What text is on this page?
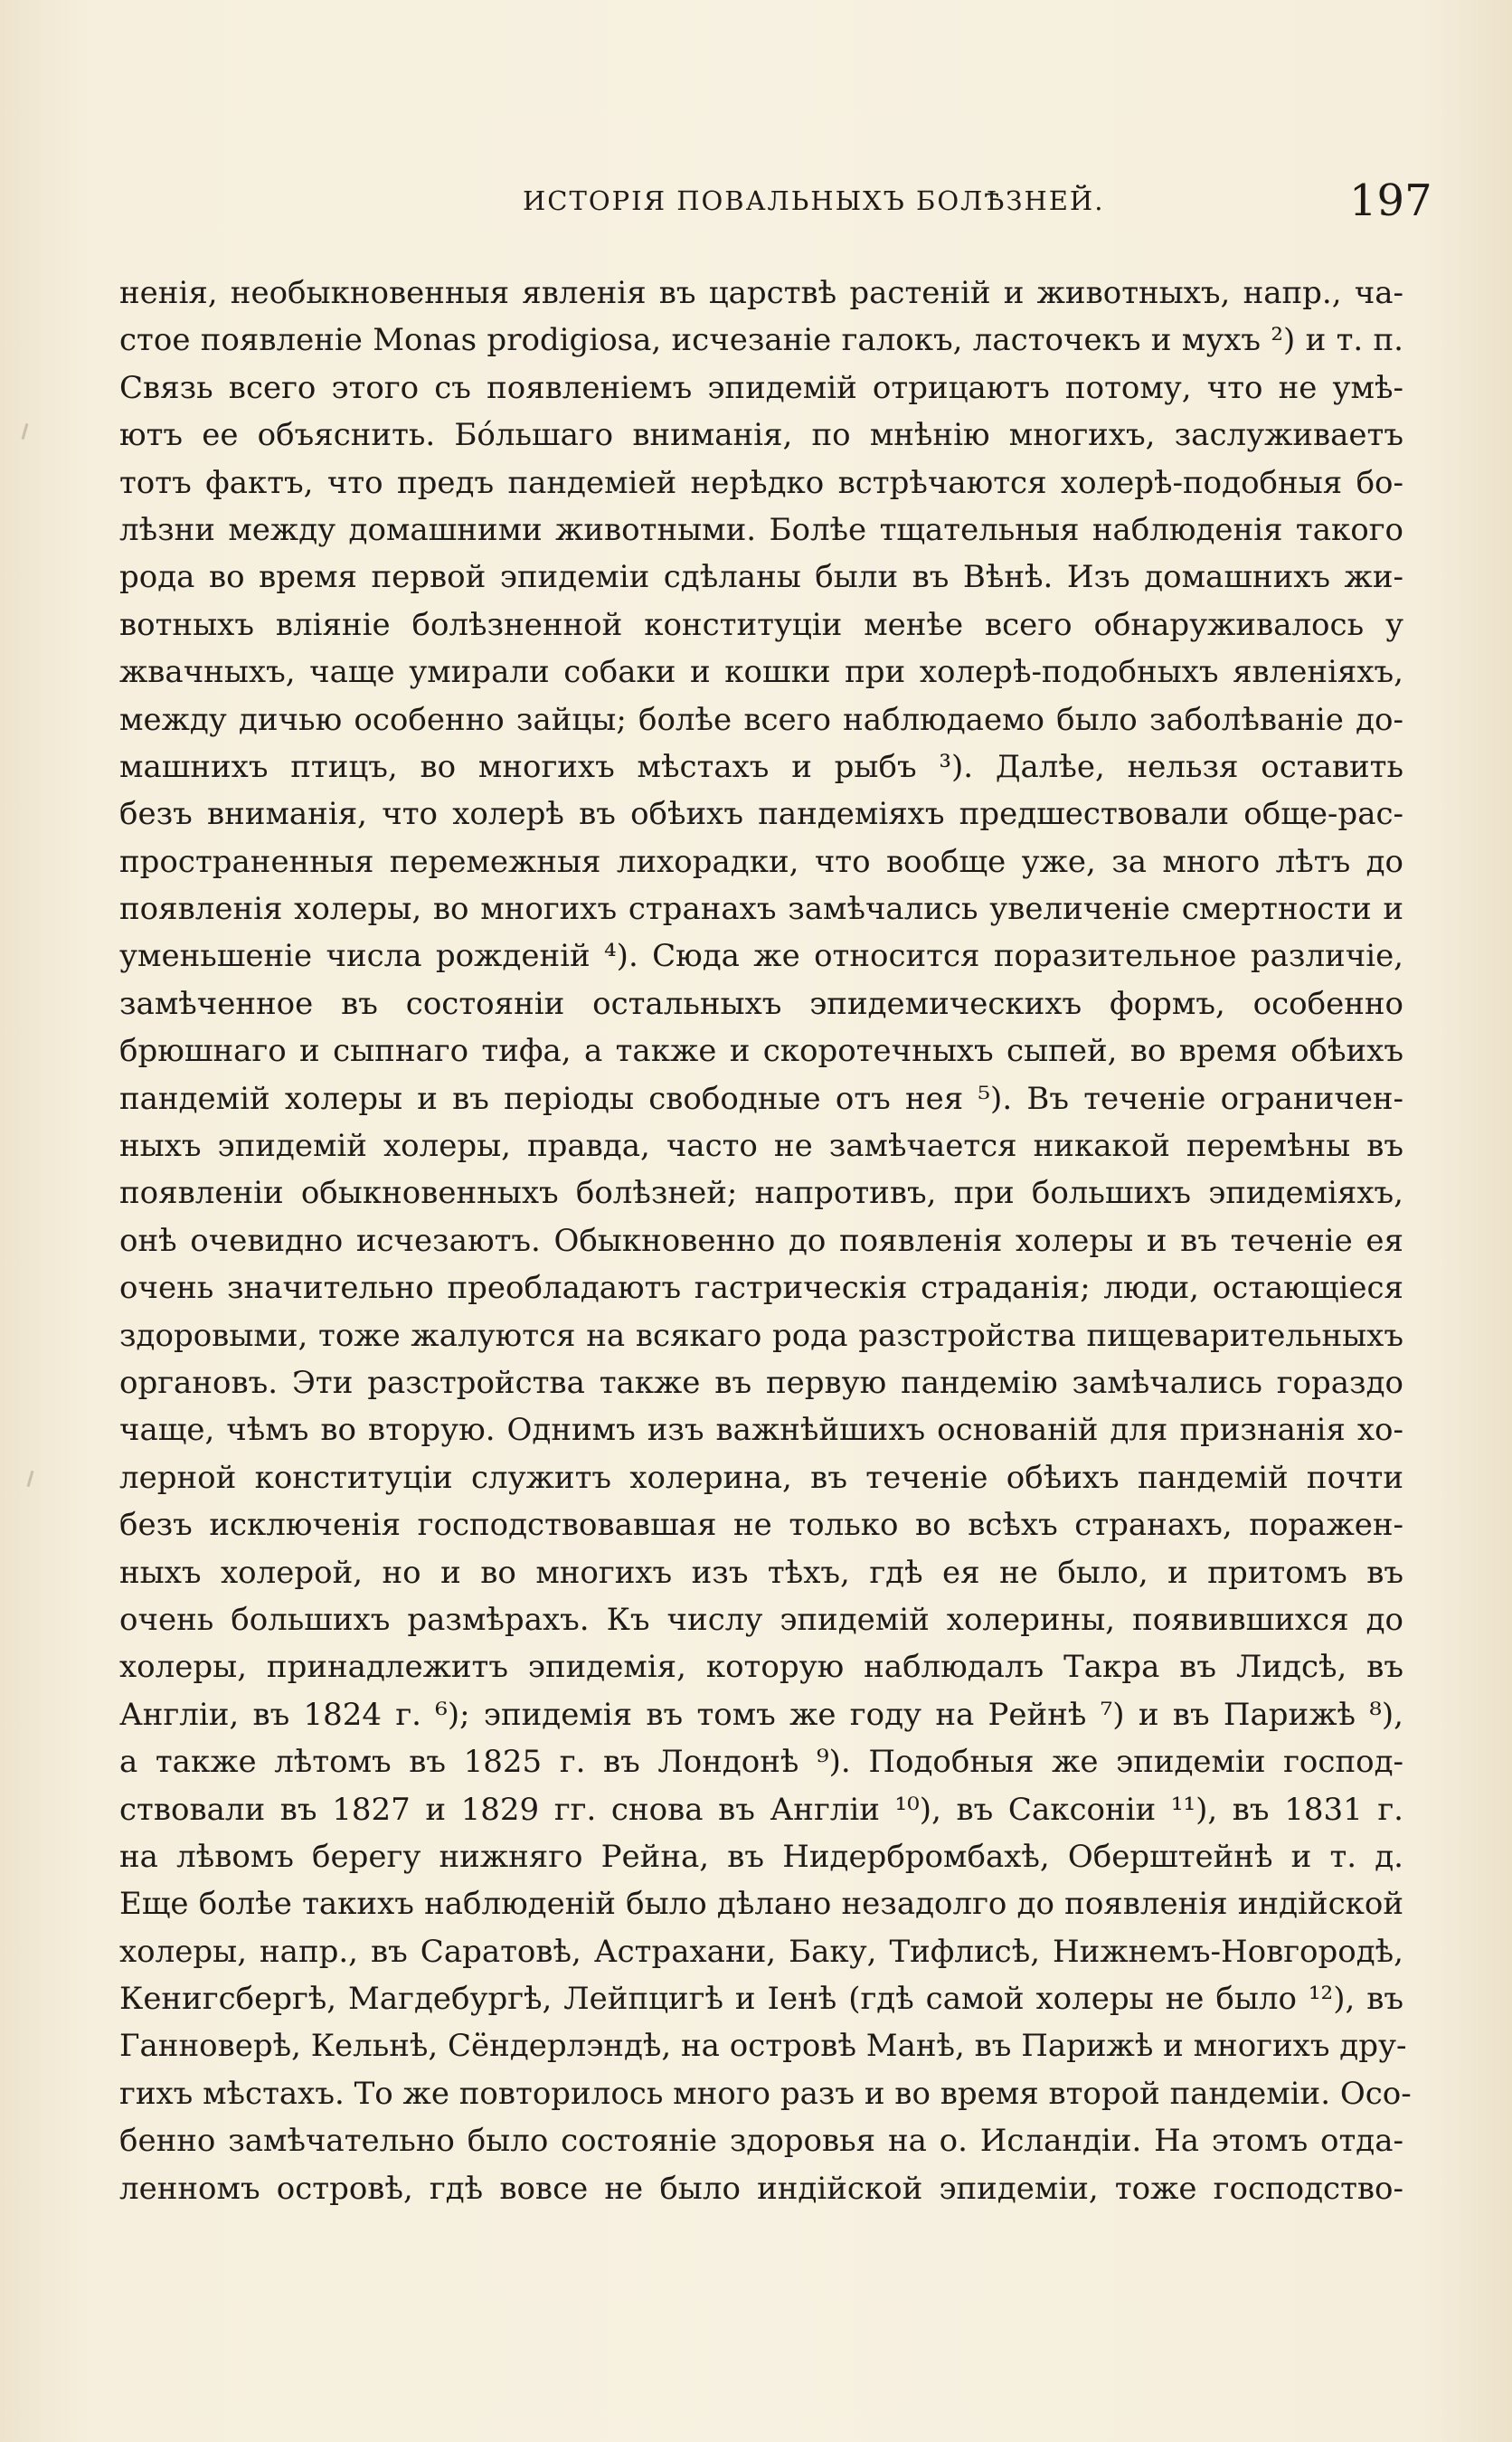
ИСТОРІЯ ПОВАЛЬНЫХЪ БОЛѢЗНЕЙ.	197
ненія, необыкновенныя явленія въ царствѣ растеній и животныхъ, напр., ча-
стое появленіе Monas prodigiosa, исчезаніе галокъ, ласточекъ и мухъ ²) и т. п.
Связь всего этого съ появленіемъ эпидемій отрицаютъ потому, что не умѣ-
ютъ ее объяснить. Бо́льшаго вниманія, по мнѣнію многихъ, заслуживаетъ
тотъ фактъ, что предъ пандеміей нерѣдко встрѣчаются холерѣ-подобныя бо-
лѣзни между домашними животными. Болѣе тщательныя наблюденія такого
рода во время первой эпидеміи сдѣланы были въ Вѣнѣ. Изъ домашнихъ жи-
вотныхъ вліяніе болѣзненной конституціи менѣе всего обнаруживалось у
жвачныхъ, чаще умирали собаки и кошки при холерѣ-подобныхъ явленіяхъ,
между дичью особенно зайцы; болѣе всего наблюдаемо было заболѣваніе до-
машнихъ птицъ, во многихъ мѣстахъ и рыбъ ³). Далѣе, нельзя оставить
безъ вниманія, что холерѣ въ обѣихъ пандеміяхъ предшествовали обще-рас-
пространенныя перемежныя лихорадки, что вообще уже, за много лѣтъ до
появленія холеры, во многихъ странахъ замѣчались увеличеніе смертности и
уменьшеніе числа рожденій ⁴). Сюда же относится поразительное различіе,
замѣченное въ состояніи остальныхъ эпидемическихъ формъ, особенно
брюшнаго и сыпнаго тифа, а также и скоротечныхъ сыпей, во время обѣихъ
пандемій холеры и въ періоды свободные отъ нея ⁵). Въ теченіе ограничен-
ныхъ эпидемій холеры, правда, часто не замѣчается никакой перемѣны въ
появленіи обыкновенныхъ болѣзней; напротивъ, при большихъ эпидеміяхъ,
онѣ очевидно исчезаютъ. Обыкновенно до появленія холеры и въ теченіе ея
очень значительно преобладаютъ гастрическія страданія; люди, остающіеся
здоровыми, тоже жалуются на всякаго рода разстройства пищеварительныхъ
органовъ. Эти разстройства также въ первую пандемію замѣчались гораздо
чаще, чѣмъ во вторую. Однимъ изъ важнѣйшихъ основаній для признанія хо-
лерной конституціи служитъ холерина, въ теченіе обѣихъ пандемій почти
безъ исключенія господствовавшая не только во всѣхъ странахъ, поражен-
ныхъ холерой, но и во многихъ изъ тѣхъ, гдѣ ея не было, и притомъ въ
очень большихъ размѣрахъ. Къ числу эпидемій холерины, появившихся до
холеры, принадлежитъ эпидемія, которую наблюдалъ Такра въ Лидсѣ, въ
Англіи, въ 1824 г. ⁶); эпидемія въ томъ же году на Рейнѣ ⁷) и въ Парижѣ ⁸),
а также лѣтомъ въ 1825 г. въ Лондонѣ ⁹). Подобныя же эпидеміи господ-
ствовали въ 1827 и 1829 гг. снова въ Англіи ¹⁰), въ Саксоніи ¹¹), въ 1831 г.
на лѣвомъ берегу нижняго Рейна, въ Нидербромбахѣ, Оберштейнѣ и т. д.
Еще болѣе такихъ наблюденій было дѣлано незадолго до появленія индійской
холеры, напр., въ Саратовѣ, Астрахани, Баку, Тифлисѣ, Нижнемъ-Новгородѣ,
Кенигсбергѣ, Магдебургѣ, Лейпцигѣ и Іенѣ (гдѣ самой холеры не было ¹²), въ
Ганноверѣ, Кельнѣ, Сёндерлэндѣ, на островѣ Манѣ, въ Парижѣ и многихъ дру-
гихъ мѣстахъ. То же повторилось много разъ и во время второй пандеміи. Осо-
бенно замѣчательно было состояніе здоровья на о. Исландіи. На этомъ отда-
ленномъ островѣ, гдѣ вовсе не было индійской эпидеміи, тоже господство-
